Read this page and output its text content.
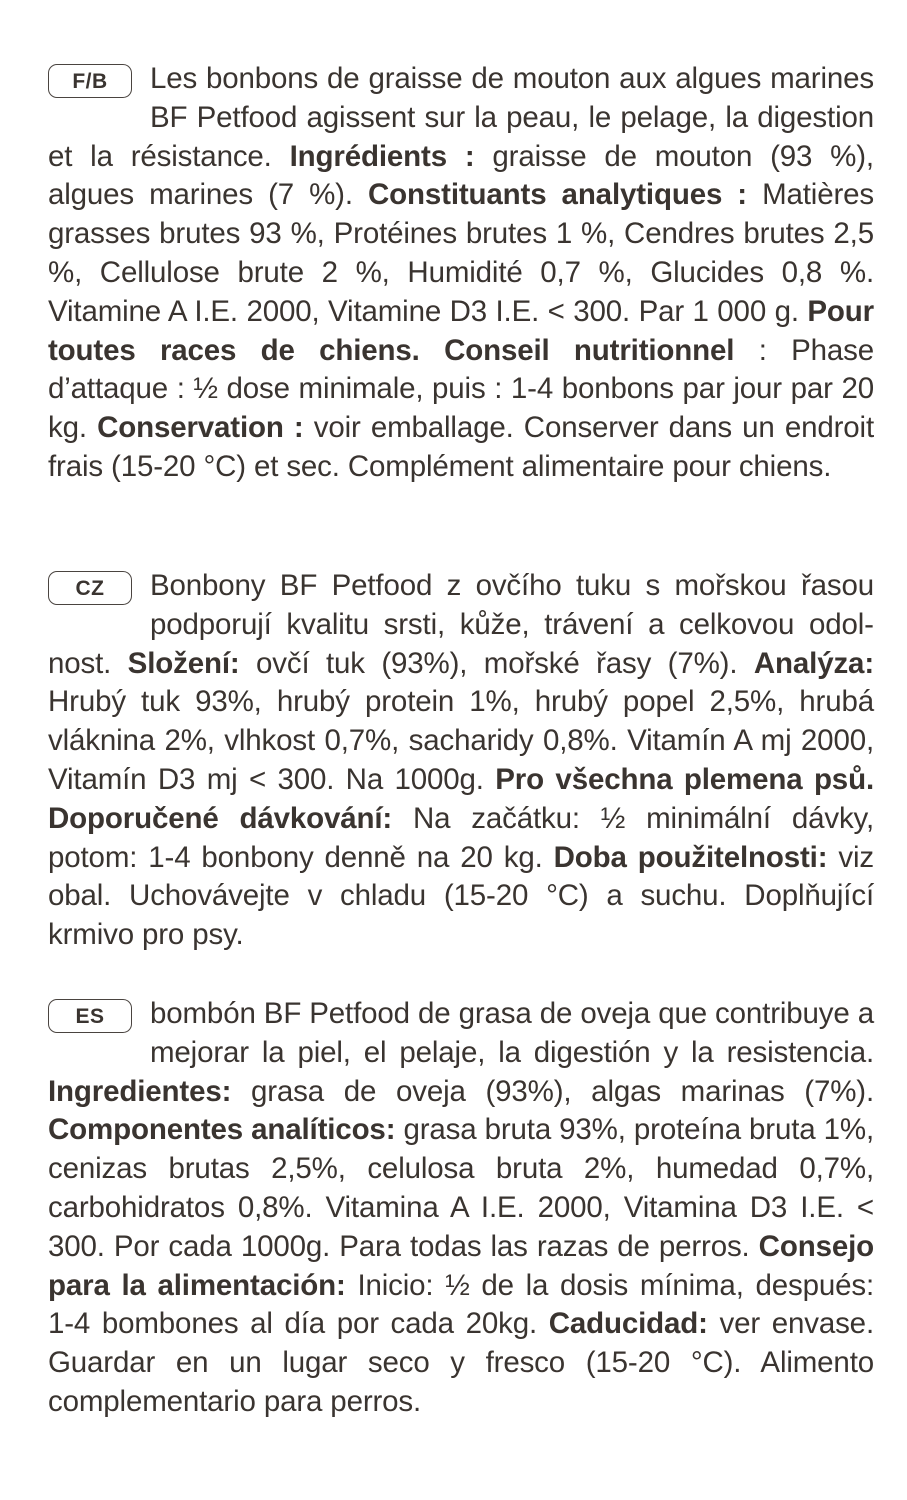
F/B	Les bonbons de graisse de mouton aux algues marines BF Petfood agissent sur la peau, le pelage, la digestion et la résistance. Ingrédients : graisse de mouton (93 %), algues marines (7 %). Constituants analytiques : Matières grasses brutes 93 %, Protéines brutes 1 %, Cendres brutes 2,5 %, Cellulose brute 2 %, Humidité 0,7 %, Glucides 0,8 %. Vitamine A I.E. 2000, Vitamine D3 I.E. < 300. Par 1 000 g. Pour toutes races de chiens. Conseil nutritionnel : Phase d’attaque : ½ dose minimale, puis : 1-4 bonbons par jour par 20 kg. Conservation : voir emballage. Conserver dans un endroit frais (15-20 °C) et sec. Complément alimentaire pour chiens.
CZ	Bonbony BF Petfood z ovčího tuku s mořskou řasou podporují kvalitu srsti, kůže, trávení a celkovou odolnost. Složení: ovčí tuk (93%), mořské řasy (7%). Analýza: Hrubý tuk 93%, hrubý protein 1%, hrubý popel 2,5%, hrubá vláknina 2%, vlhkost 0,7%, sacharidy 0,8%. Vitamín A mj 2000, Vitamín D3 mj < 300. Na 1000g. Pro všechna plemena psů. Doporučené dávkování: Na začátku: ½ minimální dávky, potom: 1-4 bonbony denně na 20 kg. Doba použitelnosti: viz obal. Uchovávejte v chladu (15-20 °C) a suchu. Doplňující krmivo pro psy.
ES	bombón BF Petfood de grasa de oveja que contribuye a mejorar la piel, el pelaje, la digestión y la resistencia. Ingredientes: grasa de oveja (93%), algas marinas (7%). Componentes analíticos: grasa bruta 93%, proteína bruta 1%, cenizas brutas 2,5%, celulosa bruta 2%, humedad 0,7%, carbohidratos 0,8%. Vitamina A I.E. 2000, Vitamina D3 I.E. < 300. Por cada 1000g. Para todas las razas de perros. Consejo para la alimentación: Inicio: ½ de la dosis mínima, después: 1-4 bombones al día por cada 20kg. Caducidad: ver envase. Guardar en un lugar seco y fresco (15-20 °C). Alimento complementario para perros.
